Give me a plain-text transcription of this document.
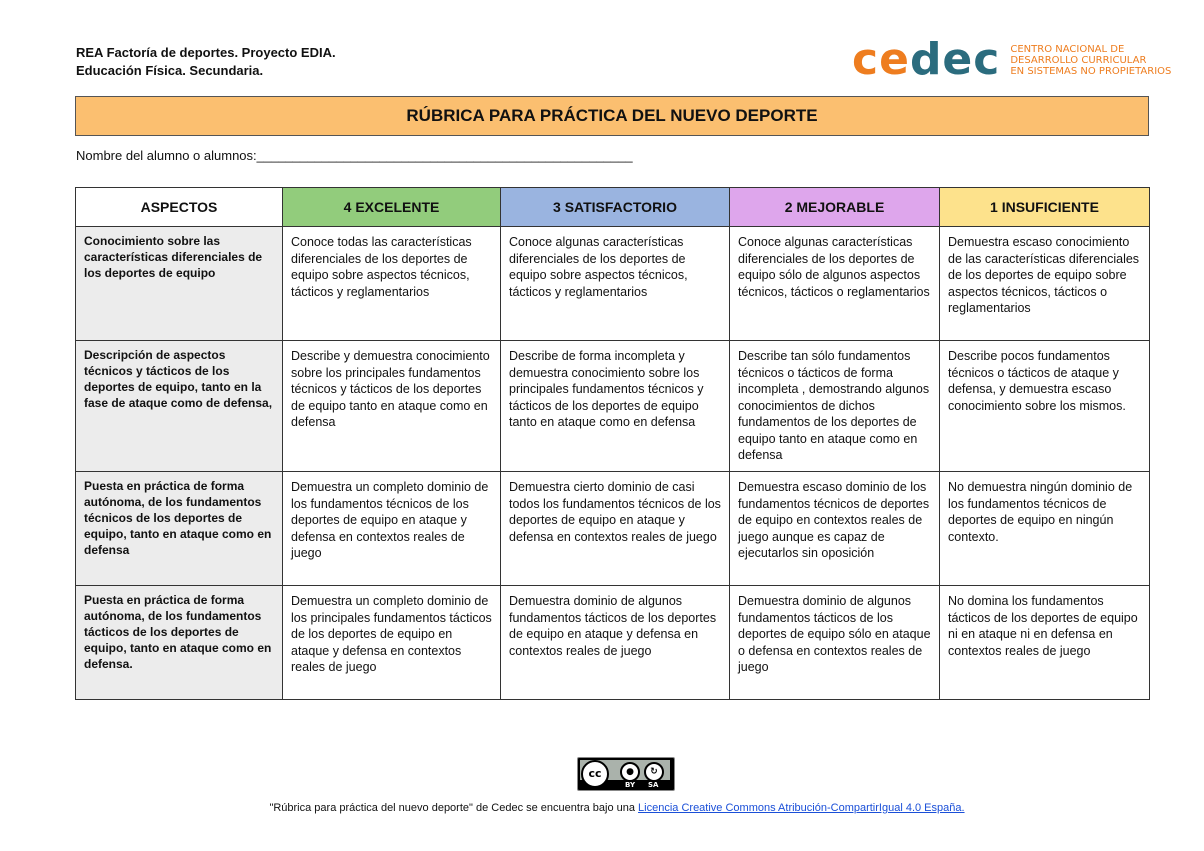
REA Factoría de deportes. Proyecto EDIA.
Educación Física. Secundaria.	cedec CENTRO NACIONAL DE
DESARROLLO CURRICULAR
EN SISTEMAS NO PROPIETARIOS
RÚBRICA PARA PRÁCTICA DEL NUEVO DEPORTE
Nombre del alumno o alumnos:____________________________________________________
ASPECTOS	4 EXCELENTE	3 SATISFACTORIO	2 MEJORABLE	1 INSUFICIENTE
Conocimiento sobre las características diferenciales de los deportes de equipo	Conoce todas las características diferenciales de los deportes de equipo sobre aspectos técnicos, tácticos y reglamentarios	Conoce algunas características diferenciales de los deportes de equipo sobre aspectos técnicos, tácticos y reglamentarios	Conoce algunas características diferenciales de los deportes de equipo sólo de algunos aspectos técnicos, tácticos o reglamentarios	Demuestra escaso conocimiento de las características diferenciales de los deportes de equipo sobre aspectos técnicos, tácticos o reglamentarios
Descripción de aspectos técnicos y tácticos de los deportes de equipo, tanto en la fase de ataque como de defensa,	Describe y demuestra conocimiento sobre los principales fundamentos técnicos y tácticos de los deportes de equipo tanto en ataque como en defensa	Describe de forma incompleta y demuestra conocimiento sobre los principales fundamentos técnicos y tácticos de los deportes de equipo tanto en ataque como en defensa	Describe tan sólo fundamentos técnicos o tácticos de forma incompleta , demostrando algunos conocimientos de dichos fundamentos de los deportes de equipo tanto en ataque como en defensa	Describe pocos fundamentos técnicos o tácticos de ataque y defensa, y demuestra escaso conocimiento sobre los mismos.
Puesta en práctica de forma autónoma, de los fundamentos técnicos de los deportes de equipo, tanto en ataque como en defensa	Demuestra un completo dominio de los fundamentos técnicos de los deportes de equipo en ataque y defensa en contextos reales de juego	Demuestra cierto dominio de casi todos los fundamentos técnicos de los deportes de equipo en ataque y defensa en contextos reales de juego	Demuestra escaso dominio de los fundamentos técnicos de deportes de equipo en contextos reales de juego aunque es capaz de ejecutarlos sin oposición	No demuestra ningún dominio de los fundamentos técnicos de deportes de equipo en ningún contexto.
Puesta en práctica de forma autónoma, de los fundamentos tácticos de los deportes de equipo, tanto en ataque como en defensa.	Demuestra un completo dominio de los principales fundamentos tácticos de los deportes de equipo en ataque y defensa en contextos reales de juego	Demuestra dominio de algunos fundamentos tácticos de los deportes de equipo en ataque y defensa en contextos reales de juego	Demuestra dominio de algunos fundamentos tácticos de los deportes de equipo sólo en ataque o defensa en contextos reales de juego	No domina los fundamentos tácticos de los deportes de equipo ni en ataque ni en defensa en contextos reales de juego
cc	●	↻
BY SA
"Rúbrica para práctica del nuevo deporte" de Cedec se encuentra bajo una Licencia Creative Commons Atribución-CompartirIgual 4.0 España.
